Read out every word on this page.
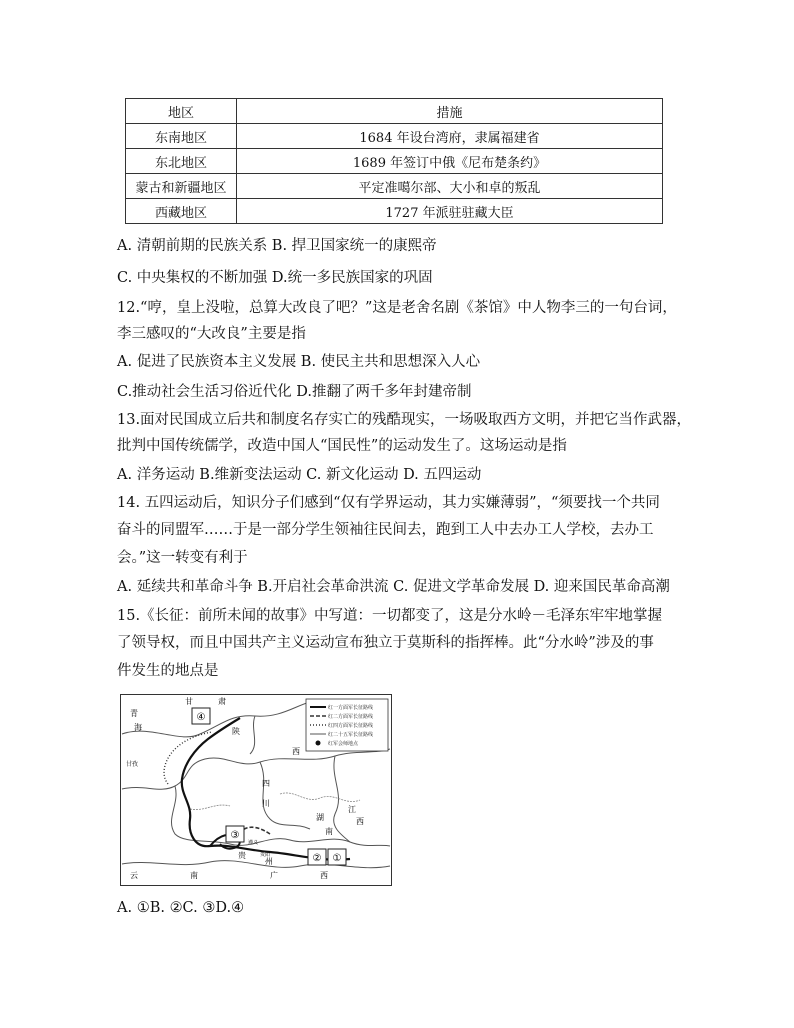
地区	措施
东南地区	1684 年设台湾府，隶属福建省
东北地区	1689 年签订中俄《尼布楚条约》
蒙古和新疆地区	平定准噶尔部、大小和卓的叛乱
西藏地区	1727 年派驻驻藏大臣
A. 清朝前期的民族关系 B. 捍卫国家统一的康熙帝
C. 中央集权的不断加强 D.统一多民族国家的巩固
12.“哼，皇上没啦，总算大改良了吧？”这是老舍名剧《茶馆》中人物李三的一句台词，
李三感叹的“大改良”主要是指
A. 促进了民族资本主义发展 B. 使民主共和思想深入人心
C.推动社会生活习俗近代化 D.推翻了两千多年封建帝制
13.面对民国成立后共和制度名存实亡的残酷现实，一场吸取西方文明，并把它当作武器，
批判中国传统儒学，改造中国人“国民性”的运动发生了。这场运动是指
A. 洋务运动 B.维新变法运动 C. 新文化运动 D. 五四运动
14. 五四运动后，知识分子们感到“仅有学界运动，其力实嫌薄弱”，“须要找一个共同
奋斗的同盟军……于是一部分学生领袖往民间去，跑到工人中去办工人学校，去办工
会。”这一转变有利于
A. 延续共和革命斗争 B.开启社会革命洪流 C. 促进文学革命发展 D. 迎来国民革命高潮
15.《长征：前所未闻的故事》中写道：一切都变了，这是分水岭－毛泽东牢牢地掌握
了领导权，而且中国共产主义运动宣布独立于莫斯科的指挥棒。此“分水岭”涉及的事
件发生的地点是
红一方面军长征路线
红二方面军长征路线
红四方面军长征路线
红二十五军长征路线
红军会师地点
④
③
② ①
青
海
甘	肃
西
甘孜
四
川
湖
南
江
西
贵
州
云	南	广	西
陕
遵义
贵阳
A. ①B. ②C. ③D.④
